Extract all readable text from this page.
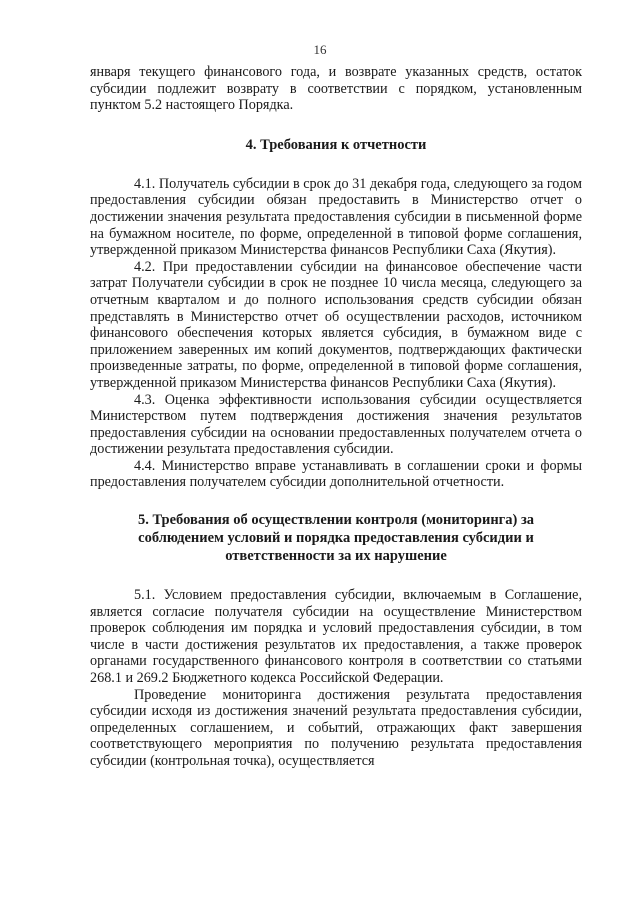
16

января текущего финансового года, и возврате указанных средств, остаток субсидии подлежит возврату в соответствии с порядком, установленным пунктом 5.2 настоящего Порядка.

4. Требования к отчетности

4.1. Получатель субсидии в срок до 31 декабря года, следующего за годом предоставления субсидии обязан предоставить в Министерство отчет о достижении значения результата предоставления субсидии в письменной форме на бумажном носителе, по форме, определенной в типовой форме соглашения, утвержденной приказом Министерства финансов Республики Саха (Якутия).

4.2. При предоставлении субсидии на финансовое обеспечение части затрат Получатели субсидии в срок не позднее 10 числа месяца, следующего за отчетным кварталом и до полного использования средств субсидии обязан представлять в Министерство отчет об осуществлении расходов, источником финансового обеспечения которых является субсидия, в бумажном виде с приложением заверенных им копий документов, подтверждающих фактически произведенные затраты, по форме, определенной в типовой форме соглашения, утвержденной приказом Министерства финансов Республики Саха (Якутия).

4.3. Оценка эффективности использования субсидии осуществляется Министерством путем подтверждения достижения значения результатов предоставления субсидии на основании предоставленных получателем отчета о достижении результата предоставления субсидии.

4.4. Министерство вправе устанавливать в соглашении сроки и формы предоставления получателем субсидии дополнительной отчетности.

5. Требования об осуществлении контроля (мониторинга) за
соблюдением условий и порядка предоставления субсидии и
ответственности за их нарушение

5.1. Условием предоставления субсидии, включаемым в Соглашение, является согласие получателя субсидии на осуществление Министерством проверок соблюдения им порядка и условий предоставления субсидии, в том числе в части достижения результатов их предоставления, а также проверок органами государственного финансового контроля в соответствии со статьями 268.1 и 269.2 Бюджетного кодекса Российской Федерации.

Проведение мониторинга достижения результата предоставления субсидии исходя из достижения значений результата предоставления субсидии, определенных соглашением, и событий, отражающих факт завершения соответствующего мероприятия по получению результата предоставления субсидии (контрольная точка), осуществляется
